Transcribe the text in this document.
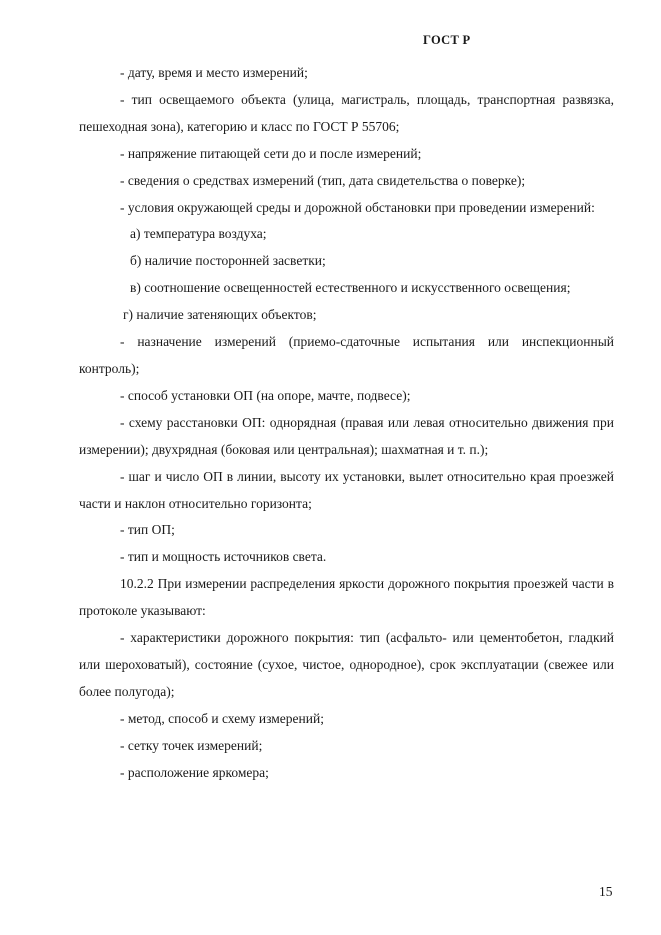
ГОСТ Р

- дату, время и место измерений;

- тип освещаемого объекта (улица, магистраль, площадь, транспортная развязка, пешеходная зона), категорию и класс по ГОСТ Р 55706;

- напряжение питающей сети до и после измерений;

- сведения о средствах измерений (тип, дата свидетельства о поверке);

- условия окружающей среды и дорожной обстановки при проведении измерений:

а) температура воздуха;

б) наличие посторонней засветки;

в) соотношение освещенностей естественного и искусственного освещения;

г) наличие затеняющих объектов;

- назначение измерений (приемо-сдаточные испытания или инспекционный контроль);

- способ установки ОП (на опоре, мачте, подвесе);

- схему расстановки ОП: однорядная (правая или левая относительно движения при измерении); двухрядная (боковая или центральная); шахматная и т. п.);

- шаг и число ОП в линии, высоту их установки, вылет относительно края проезжей части и наклон относительно горизонта;

- тип ОП;

- тип и мощность источников света.

10.2.2 При измерении распределения яркости дорожного покрытия проезжей части в протоколе указывают:

- характеристики дорожного покрытия: тип (асфальто- или цементобетон, гладкий или шероховатый), состояние (сухое, чистое, однородное), срок эксплуатации (свежее или более полугода);

- метод, способ и схему измерений;

- сетку точек измерений;

- расположение яркомера;

15
